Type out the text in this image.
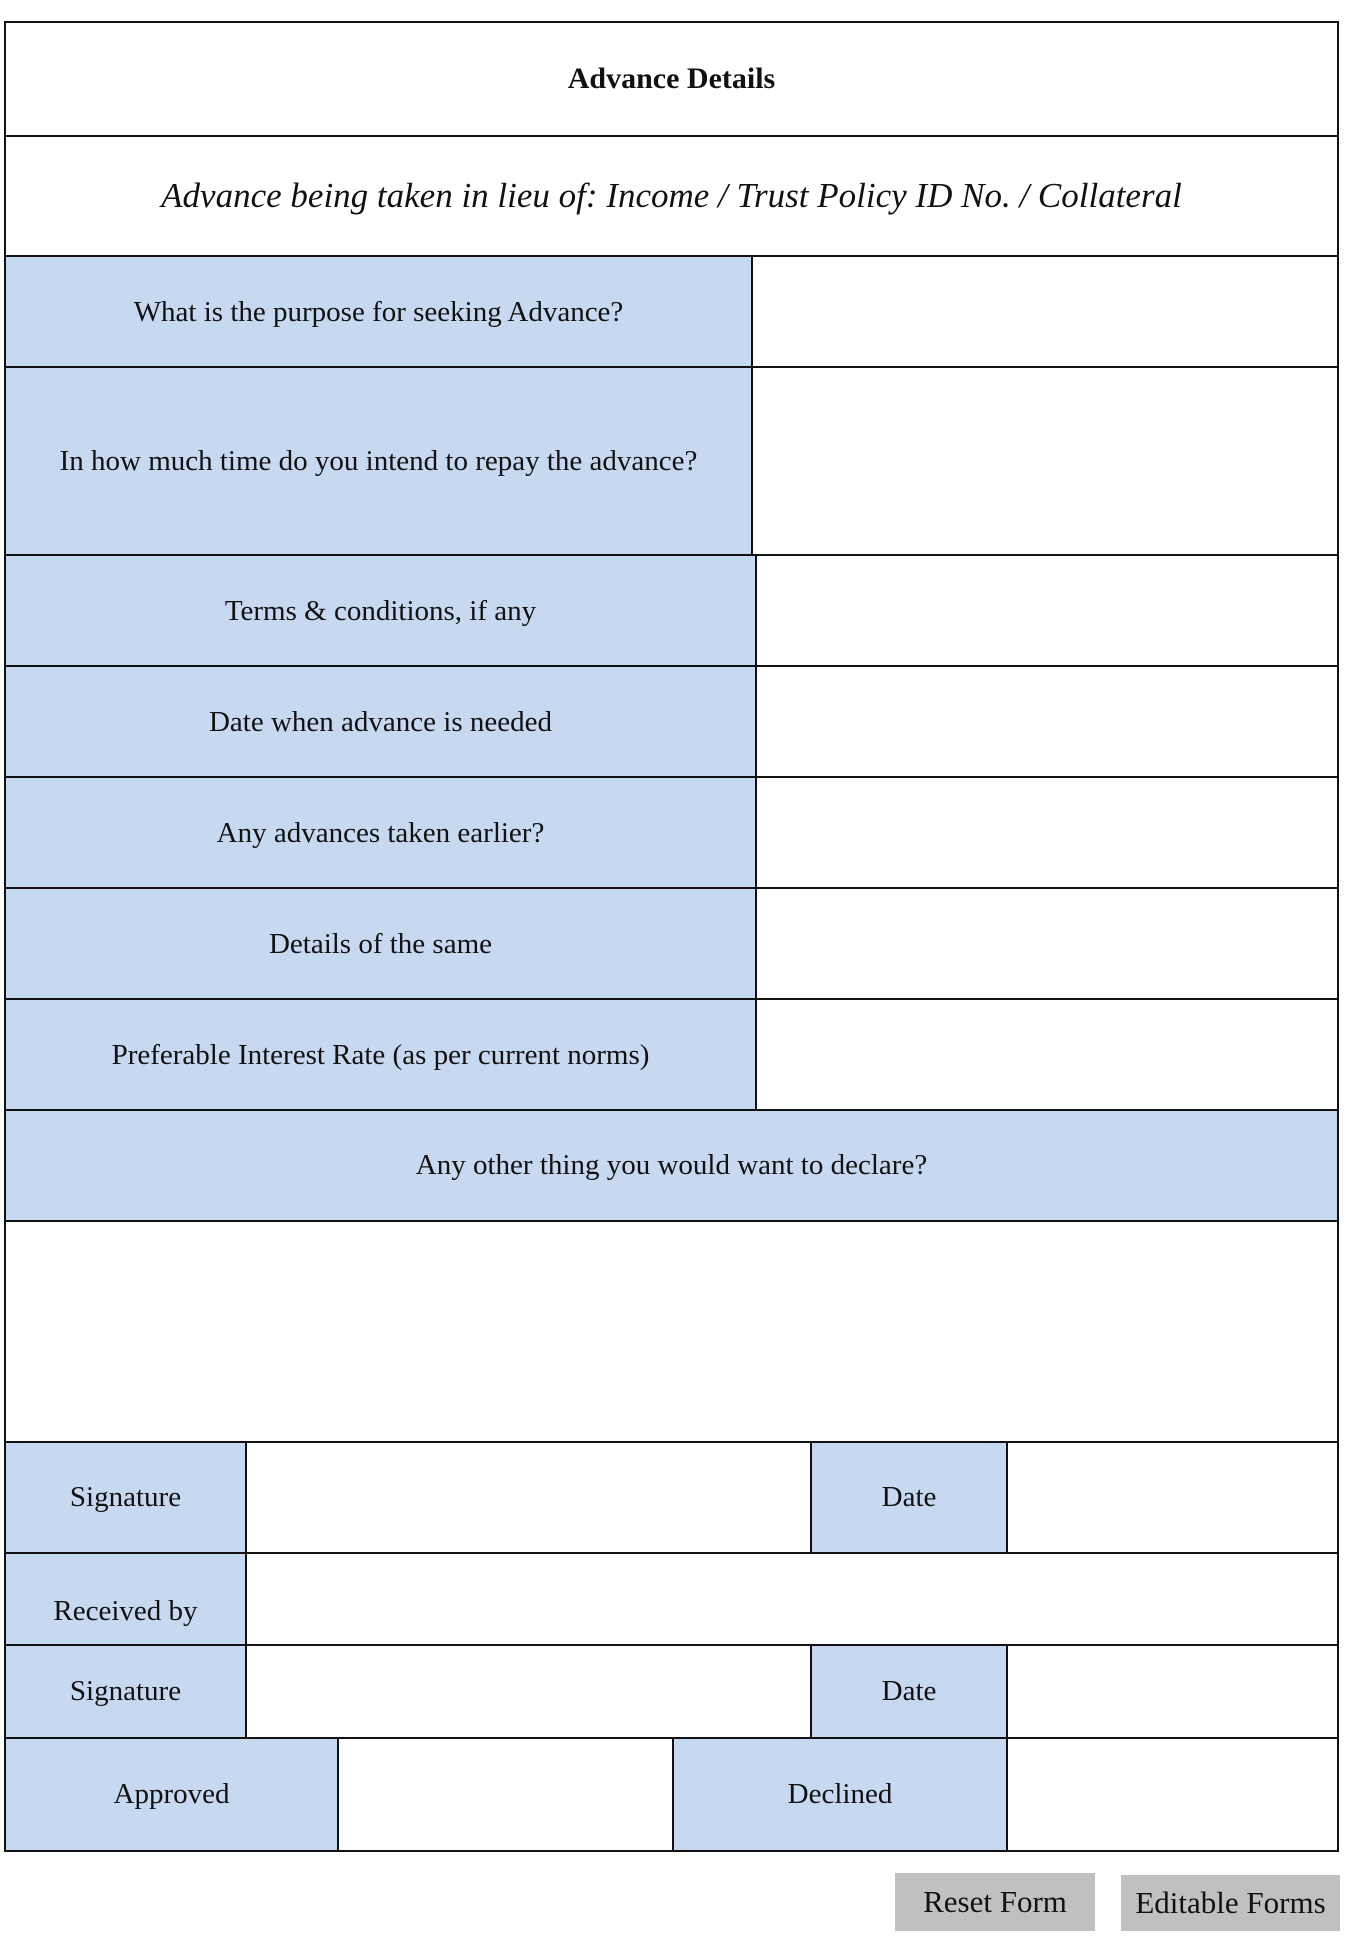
Advance Details
Advance being taken in lieu of: Income / Trust Policy ID No. / Collateral
What is the purpose for seeking Advance?
In how much time do you intend to repay the advance?
Terms & conditions, if any
Date when advance is needed
Any advances taken earlier?
Details of the same
Preferable Interest Rate (as per current norms)
Any other thing you would want to declare?
Signature	Date
Received by
Signature	Date
Approved	Declined
Reset Form	Editable Forms
